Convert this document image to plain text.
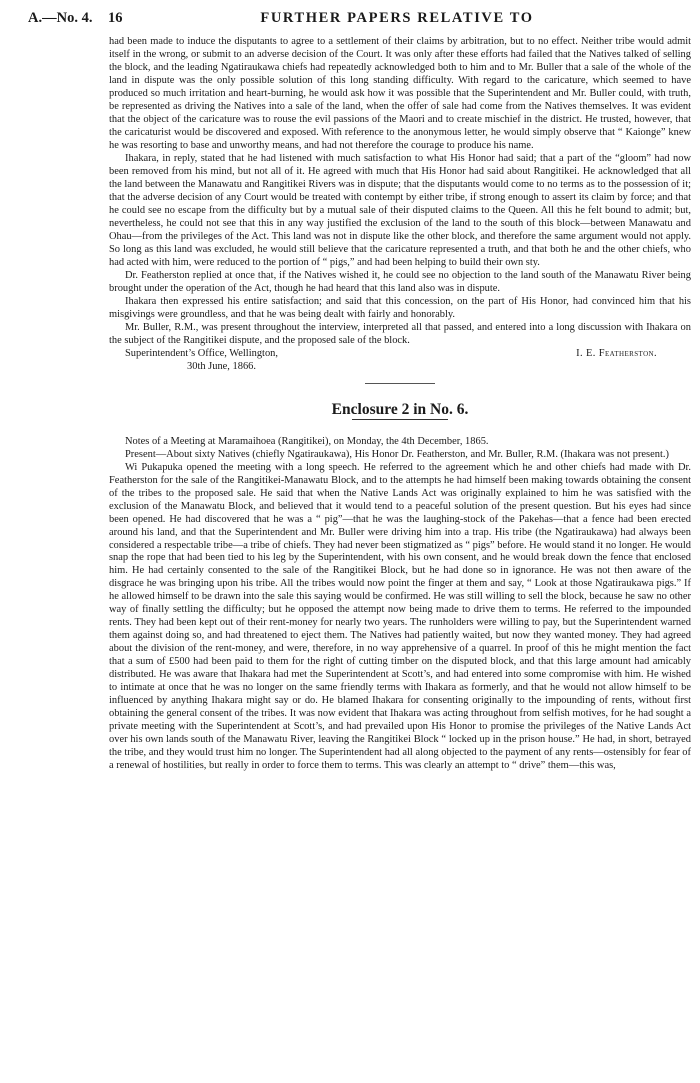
A.—No. 4. 16	FURTHER PAPERS RELATIVE TO

had been made to induce the disputants to agree to a settlement of their claims by arbitration, but to no effect. Neither tribe would admit itself in the wrong, or submit to an adverse decision of the Court. It was only after these efforts had failed that the Natives talked of selling the block, and the leading Ngatiraukawa chiefs had repeatedly acknowledged both to him and to Mr. Buller that a sale of the whole of the land in dispute was the only possible solution of this long standing difficulty. With regard to the caricature, which seemed to have produced so much irritation and heart-burning, he would ask how it was possible that the Superintendent and Mr. Buller could, with truth, be represented as driving the Natives into a sale of the land, when the offer of sale had come from the Natives themselves. It was evident that the object of the caricature was to rouse the evil passions of the Maori and to create mischief in the district. He trusted, however, that the caricaturist would be discovered and exposed. With reference to the anonymous letter, he would simply observe that “ Kaionge” knew he was resorting to base and unworthy means, and had not therefore the courage to produce his name.

Ihakara, in reply, stated that he had listened with much satisfaction to what His Honor had said; that a part of the “gloom” had now been removed from his mind, but not all of it. He agreed with much that His Honor had said about Rangitikei. He acknowledged that all the land between the Manawatu and Rangitikei Rivers was in dispute; that the disputants would come to no terms as to the possession of it; that the adverse decision of any Court would be treated with contempt by either tribe, if strong enough to assert its claim by force; and that he could see no escape from the difficulty but by a mutual sale of their disputed claims to the Queen. All this he felt bound to admit; but, nevertheless, he could not see that this in any way justified the exclusion of the land to the south of this block—between Manawatu and Ohau—from the privileges of the Act. This land was not in dispute like the other block, and therefore the same argument would not apply. So long as this land was excluded, he would still believe that the caricature represented a truth, and that both he and the other chiefs, who had acted with him, were reduced to the portion of “ pigs,” and had been helping to build their own sty.

Dr. Featherston replied at once that, if the Natives wished it, he could see no objection to the land south of the Manawatu River being brought under the operation of the Act, though he had heard that this land also was in dispute.

Ihakara then expressed his entire satisfaction; and said that this concession, on the part of His Honor, had convinced him that his misgivings were groundless, and that he was being dealt with fairly and honorably.

Mr. Buller, R.M., was present throughout the interview, interpreted all that passed, and entered into a long discussion with Ihakara on the subject of the Rangitikei dispute, and the proposed sale of the block.

Superintendent’s Office, Wellington,	I. E. Featherston.
30th June, 1866.
Enclosure 2 in No. 6.

Notes of a Meeting at Maramaihoea (Rangitikei), on Monday, the 4th December, 1865.

Present—About sixty Natives (chiefly Ngatiraukawa), His Honor Dr. Featherston, and Mr. Buller, R.M. (Ihakara was not present.)

Wi Pukapuka opened the meeting with a long speech. He referred to the agreement which he and other chiefs had made with Dr. Featherston for the sale of the Rangitikei-Manawatu Block, and to the attempts he had himself been making towards obtaining the consent of the tribes to the proposed sale. He said that when the Native Lands Act was originally explained to him he was satisfied with the exclusion of the Manawatu Block, and believed that it would tend to a peaceful solution of the present question. But his eyes had since been opened. He had discovered that he was a “ pig”—that he was the laughing-stock of the Pakehas—that a fence had been erected around his land, and that the Superintendent and Mr. Buller were driving him into a trap. His tribe (the Ngatiraukawa) had always been considered a respectable tribe—a tribe of chiefs. They had never been stigmatized as “ pigs” before. He would stand it no longer. He would snap the rope that had been tied to his leg by the Superintendent, with his own consent, and he would break down the fence that enclosed him. He had certainly consented to the sale of the Rangitikei Block, but he had done so in ignorance. He was not then aware of the disgrace he was bringing upon his tribe. All the tribes would now point the finger at them and say, “ Look at those Ngatiraukawa pigs.” If he allowed himself to be drawn into the sale this saying would be confirmed. He was still willing to sell the block, because he saw no other way of finally settling the difficulty; but he opposed the attempt now being made to drive them to terms. He referred to the impounded rents. They had been kept out of their rent-money for nearly two years. The runholders were willing to pay, but the Superintendent warned them against doing so, and had threatened to eject them. The Natives had patiently waited, but now they wanted money. They had agreed about the division of the rent-money, and were, therefore, in no way apprehensive of a quarrel. In proof of this he might mention the fact that a sum of £500 had been paid to them for the right of cutting timber on the disputed block, and that this large amount had amicably distributed. He was aware that Ihakara had met the Superintendent at Scott’s, and had entered into some compromise with him. He wished to intimate at once that he was no longer on the same friendly terms with Ihakara as formerly, and that he would not allow himself to be influenced by anything Ihakara might say or do. He blamed Ihakara for consenting originally to the impounding of rents, without first obtaining the general consent of the tribes. It was now evident that Ihakara was acting throughout from selfish motives, for he had sought a private meeting with the Superintendent at Scott’s, and had prevailed upon His Honor to promise the privileges of the Native Lands Act over his own lands south of the Manawatu River, leaving the Rangitikei Block “ locked up in the prison house.” He had, in short, betrayed the tribe, and they would trust him no longer. The Superintendent had all along objected to the payment of any rents—ostensibly for fear of a renewal of hostilities, but really in order to force them to terms. This was clearly an attempt to “ drive” them—this was,
